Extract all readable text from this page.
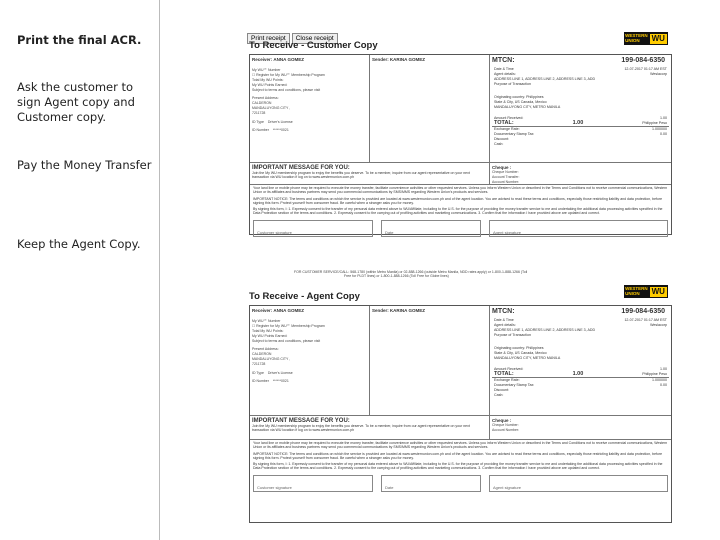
Print the final ACR.
Ask the customer to sign Agent copy and Customer copy.
Pay the Money Transfer
Keep the Agent Copy.
Print receipt	Close receipt
To Receive - Customer Copy
WESTERN
UNION	WU
Receiver: ANNA GOMEZ
My WU℠ Number
☐ Register for My WU℠ Membership Program
Total My WU Points:
My WU Points Earned:
Subject to terms and conditions, please visit
Present Address:
CALDERON
MANDALUYONG CITY ,
7211728
ID Type Driver's License
ID Number ******0021
Sender: KARINA GOMEZ	MTCN:	199-084-6350
Date & Time	12-07-2017 01:17 AM EST
Agent details:	Weslacorp
ADDRESS LINE 1, ADDRESS LINE 2, ADDRESS LINE 3, ADD
Purpose of Transaction
Originating country: Philippines
State & City, US Canada, Mexico
MANDALUYONG CITY, METRO MANILA
Amount Received:	1.00
TOTAL:	1.00	Philippine Peso
Exchange Rate:	1.000000
Documentary Stamp Tax:	0.00
Discount:
Cash:
IMPORTANT MESSAGE FOR YOU:
Join the My WU membership program to enjoy the benefits you deserve. To be a member, inquire from our agent representative on your next transaction via WU location if log on to www.westernunion.com.ph
Cheque :
Cheque Number:
Account Transfer:
Account Number:
Your land line or mobile phone may be required to execute the money transfer, facilitate convenience activities or other requested services. Unless you inform Western Union or described in the Terms and Conditions not to receive commercial communications, Western Union or its affiliates and business partners may send you commercial communications by SMS/MMS regarding Western Union's products and services.
IMPORTANT NOTICE: The terms and conditions on which the service is provided are located at www.westernunion.com.ph and of the agent location. You are advised to read these terms and conditions, especially those restricting liability and data protection, before signing this form. Protect yourself from consumer fraud. Be careful when a stranger asks you for money.
By signing this form, I: 1. Expressly consent to the transfer of my personal data entered above to WU/Affiliate, including to the U.S. for the purpose of providing the money transfer service to me and undertaking the additional data processing activities specified in the Data Protection section of the terms and conditions. 2. Expressly consent to the carrying out of profiling activities and marketing communications. 3. Confirm that the information I have provided above are updated and correct.
Customer signature	Date	Agent signature
FOR CUSTOMER SERVICE/CALL: 568-1780 (within Metro Manila) or 02-888-1266 (outside Metro Manila, NDD rates apply) or 1-800-1-888-1266 (Toll
Free for PLDT lines) or 1-800-1-888-1266 (Toll Free for Globe lines)
To Receive - Agent Copy
WESTERN
UNION	WU
Receiver: ANNA GOMEZ
My WU℠ Number
☐ Register for My WU℠ Membership Program
Total My WU Points:
My WU Points Earned:
Subject to terms and conditions, please visit
Present Address:
CALDERON
MANDALUYONG CITY ,
7211728
ID Type Driver's License
ID Number ******0021
Sender: KARINA GOMEZ	MTCN:	199-084-6350
Date & Time	12-07-2017 01:17 AM EST
Agent details:	Weslacorp
ADDRESS LINE 1, ADDRESS LINE 2, ADDRESS LINE 3, ADD
Purpose of Transaction
Originating country: Philippines
State & City, US Canada, Mexico
MANDALUYONG CITY, METRO MANILA
Amount Received:	1.00
TOTAL:	1.00	Philippine Peso
Exchange Rate:	1.000000
Documentary Stamp Tax:	0.00
Discount:
Cash:
IMPORTANT MESSAGE FOR YOU:
Join the My WU membership program to enjoy the benefits you deserve. To be a member, inquire from our agent representative on your next transaction via WU location if log on to www.westernunion.com.ph
Cheque :
Cheque Number:
Account Number:
Your land line or mobile phone may be required to execute the money transfer, facilitate convenience activities or other requested services. Unless you inform Western Union or described in the Terms and Conditions not to receive commercial communications, Western Union or its affiliates and business partners may send you commercial communications by SMS/MMS regarding Western Union's products and services.
IMPORTANT NOTICE: The terms and conditions on which the service is provided are located at www.westernunion.com.ph and of the agent location. You are advised to read these terms and conditions, especially those restricting liability and data protection, before signing this form. Protect yourself from consumer fraud. Be careful when a stranger asks you for money.
By signing this form, I: 1. Expressly consent to the transfer of my personal data entered above to WU/Affiliate, including to the U.S. for the purpose of providing the money transfer service to me and undertaking the additional data processing activities specified in the Data Protection section of the terms and conditions. 2. Expressly consent to the carrying out of profiling activities and marketing communications. 3. Confirm that the information I have provided above are updated and correct.
Customer signature	Date	Agent signature
